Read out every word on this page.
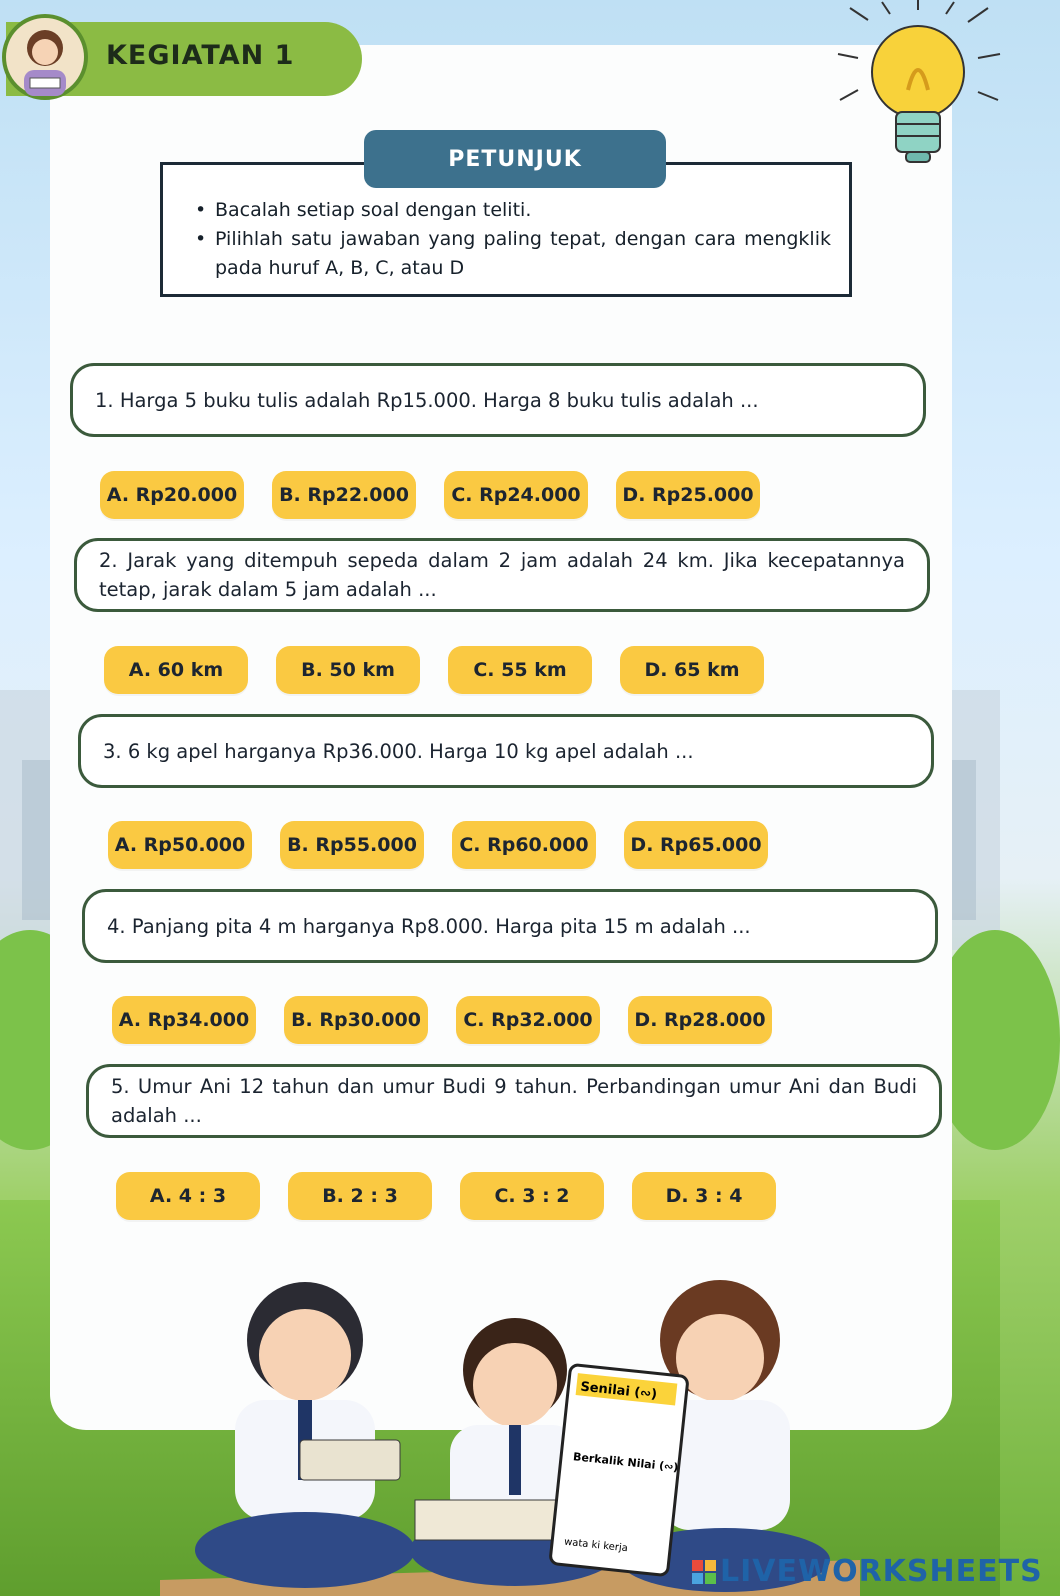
KEGIATAN 1
PETUNJUK
• Bacalah setiap soal dengan teliti.
• Pilihlah satu jawaban yang paling tepat, dengan cara mengklik pada huruf A, B, C, atau D
1. Harga 5 buku tulis adalah Rp15.000. Harga 8 buku tulis adalah ...
A. Rp20.000	B. Rp22.000	C. Rp24.000	D. Rp25.000
2. Jarak yang ditempuh sepeda dalam 2 jam adalah 24 km. Jika kecepatannya tetap, jarak dalam 5 jam adalah ...
A. 60 km	B. 50 km	C. 55 km	D. 65 km
3. 6 kg apel harganya Rp36.000. Harga 10 kg apel adalah ...
A. Rp50.000	B. Rp55.000	C. Rp60.000	D. Rp65.000
4. Panjang pita 4 m harganya Rp8.000. Harga pita 15 m adalah ...
A. Rp34.000	B. Rp30.000	C. Rp32.000	D. Rp28.000
5. Umur Ani 12 tahun dan umur Budi 9 tahun. Perbandingan umur Ani dan Budi adalah ...
A. 4 : 3	B. 2 : 3	C. 3 : 2	D. 3 : 4
Senilai (∾)
Berkalik Nilai (∾)
wata ki kerja
LIVEWORKSHEETS
